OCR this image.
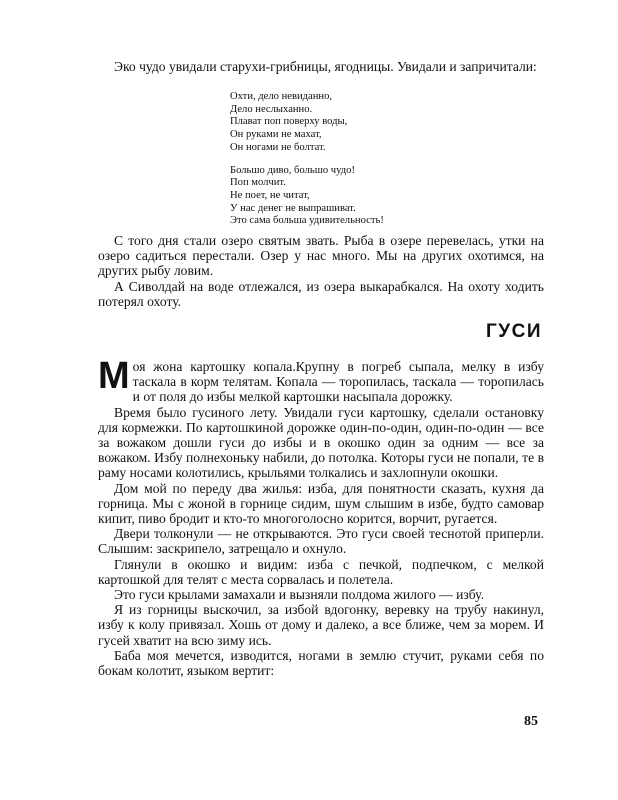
Эко чудо увидали старухи-грибницы, ягодницы. Увидали и запричитали:

Охти, дело невиданно,
Дело неслыханно.
Плават поп поверху воды,
Он руками не махат,
Он ногами не болтат.
Большо диво, большо чудо!
Поп молчит.
Не поет, не читат,
У нас денег не выпрашиват.
Это сама больша удивительность!

С того дня стали озеро святым звать. Рыба в озере перевелась, утки на озеро садиться перестали. Озер у нас много. Мы на других охотимся, на других рыбу ловим.

А Сиволдай на воде отлежался, из озера выкарабкался. На охоту ходить потерял охоту.

ГУСИ

Моя жона картошку копала.Крупну в погреб сыпала, мелку в избу таскала в корм телятам. Копала — торопилась, таскала — торопилась и от поля до избы мелкой картошки насыпала дорожку.

Время было гусиного лету. Увидали гуси картошку, сделали остановку для кормежки. По картошкиной дорожке один-по-один, один-по-один — все за вожаком дошли гуси до избы и в окошко один за одним — все за вожаком. Избу полнехоньку набили, до потолка. Которы гуси не попали, те в раму носами колотились, крыльями толкались и захлопнули окошки.

Дом мой по переду два жилья: изба, для понятности сказать, кухня да горница. Мы с жоной в горнице сидим, шум слышим в избе, будто самовар кипит, пиво бродит и кто-то многоголосно корится, ворчит, ругается.

Двери толконули — не открываются. Это гуси своей теснотой приперли. Слышим: заскрипело, затрещало и охнуло.

Глянули в окошко и видим: изба с печкой, подпечком, с мелкой картошкой для телят с места сорвалась и полетела.

Это гуси крылами замахали и вызняли полдома жилого — избу.

Я из горницы выскочил, за избой вдогонку, веревку на трубу накинул, избу к колу привязал. Хошь от дому и далеко, а все ближе, чем за морем. И гусей хватит на всю зиму ись.

Баба моя мечется, изводится, ногами в землю стучит, руками себя по бокам колотит, языком вертит:

85
